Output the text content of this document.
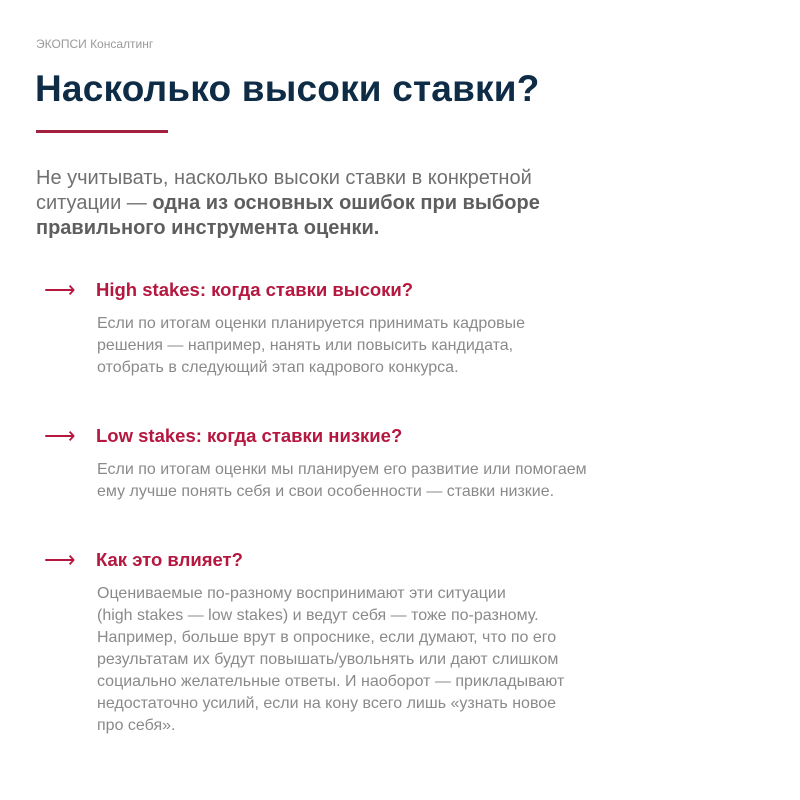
ЭКОПСИ Консалтинг
Насколько высоки ставки?
Не учитывать, насколько высоки ставки в конкретной
ситуации — одна из основных ошибок при выборе
правильного инструмента оценки.
⟶ High stakes: когда ставки высоки?
Если по итогам оценки планируется принимать кадровые
решения — например, нанять или повысить кандидата,
отобрать в следующий этап кадрового конкурса.
⟶ Low stakes: когда ставки низкие?
Если по итогам оценки мы планируем его развитие или помогаем
ему лучше понять себя и свои особенности — ставки низкие.
⟶ Как это влияет?
Оцениваемые по-разному воспринимают эти ситуации
(high stakes — low stakes) и ведут себя — тоже по-разному.
Например, больше врут в опроснике, если думают, что по его
результатам их будут повышать/увольнять или дают слишком
социально желательные ответы. И наоборот — прикладывают
недостаточно усилий, если на кону всего лишь «узнать новое
про себя».
